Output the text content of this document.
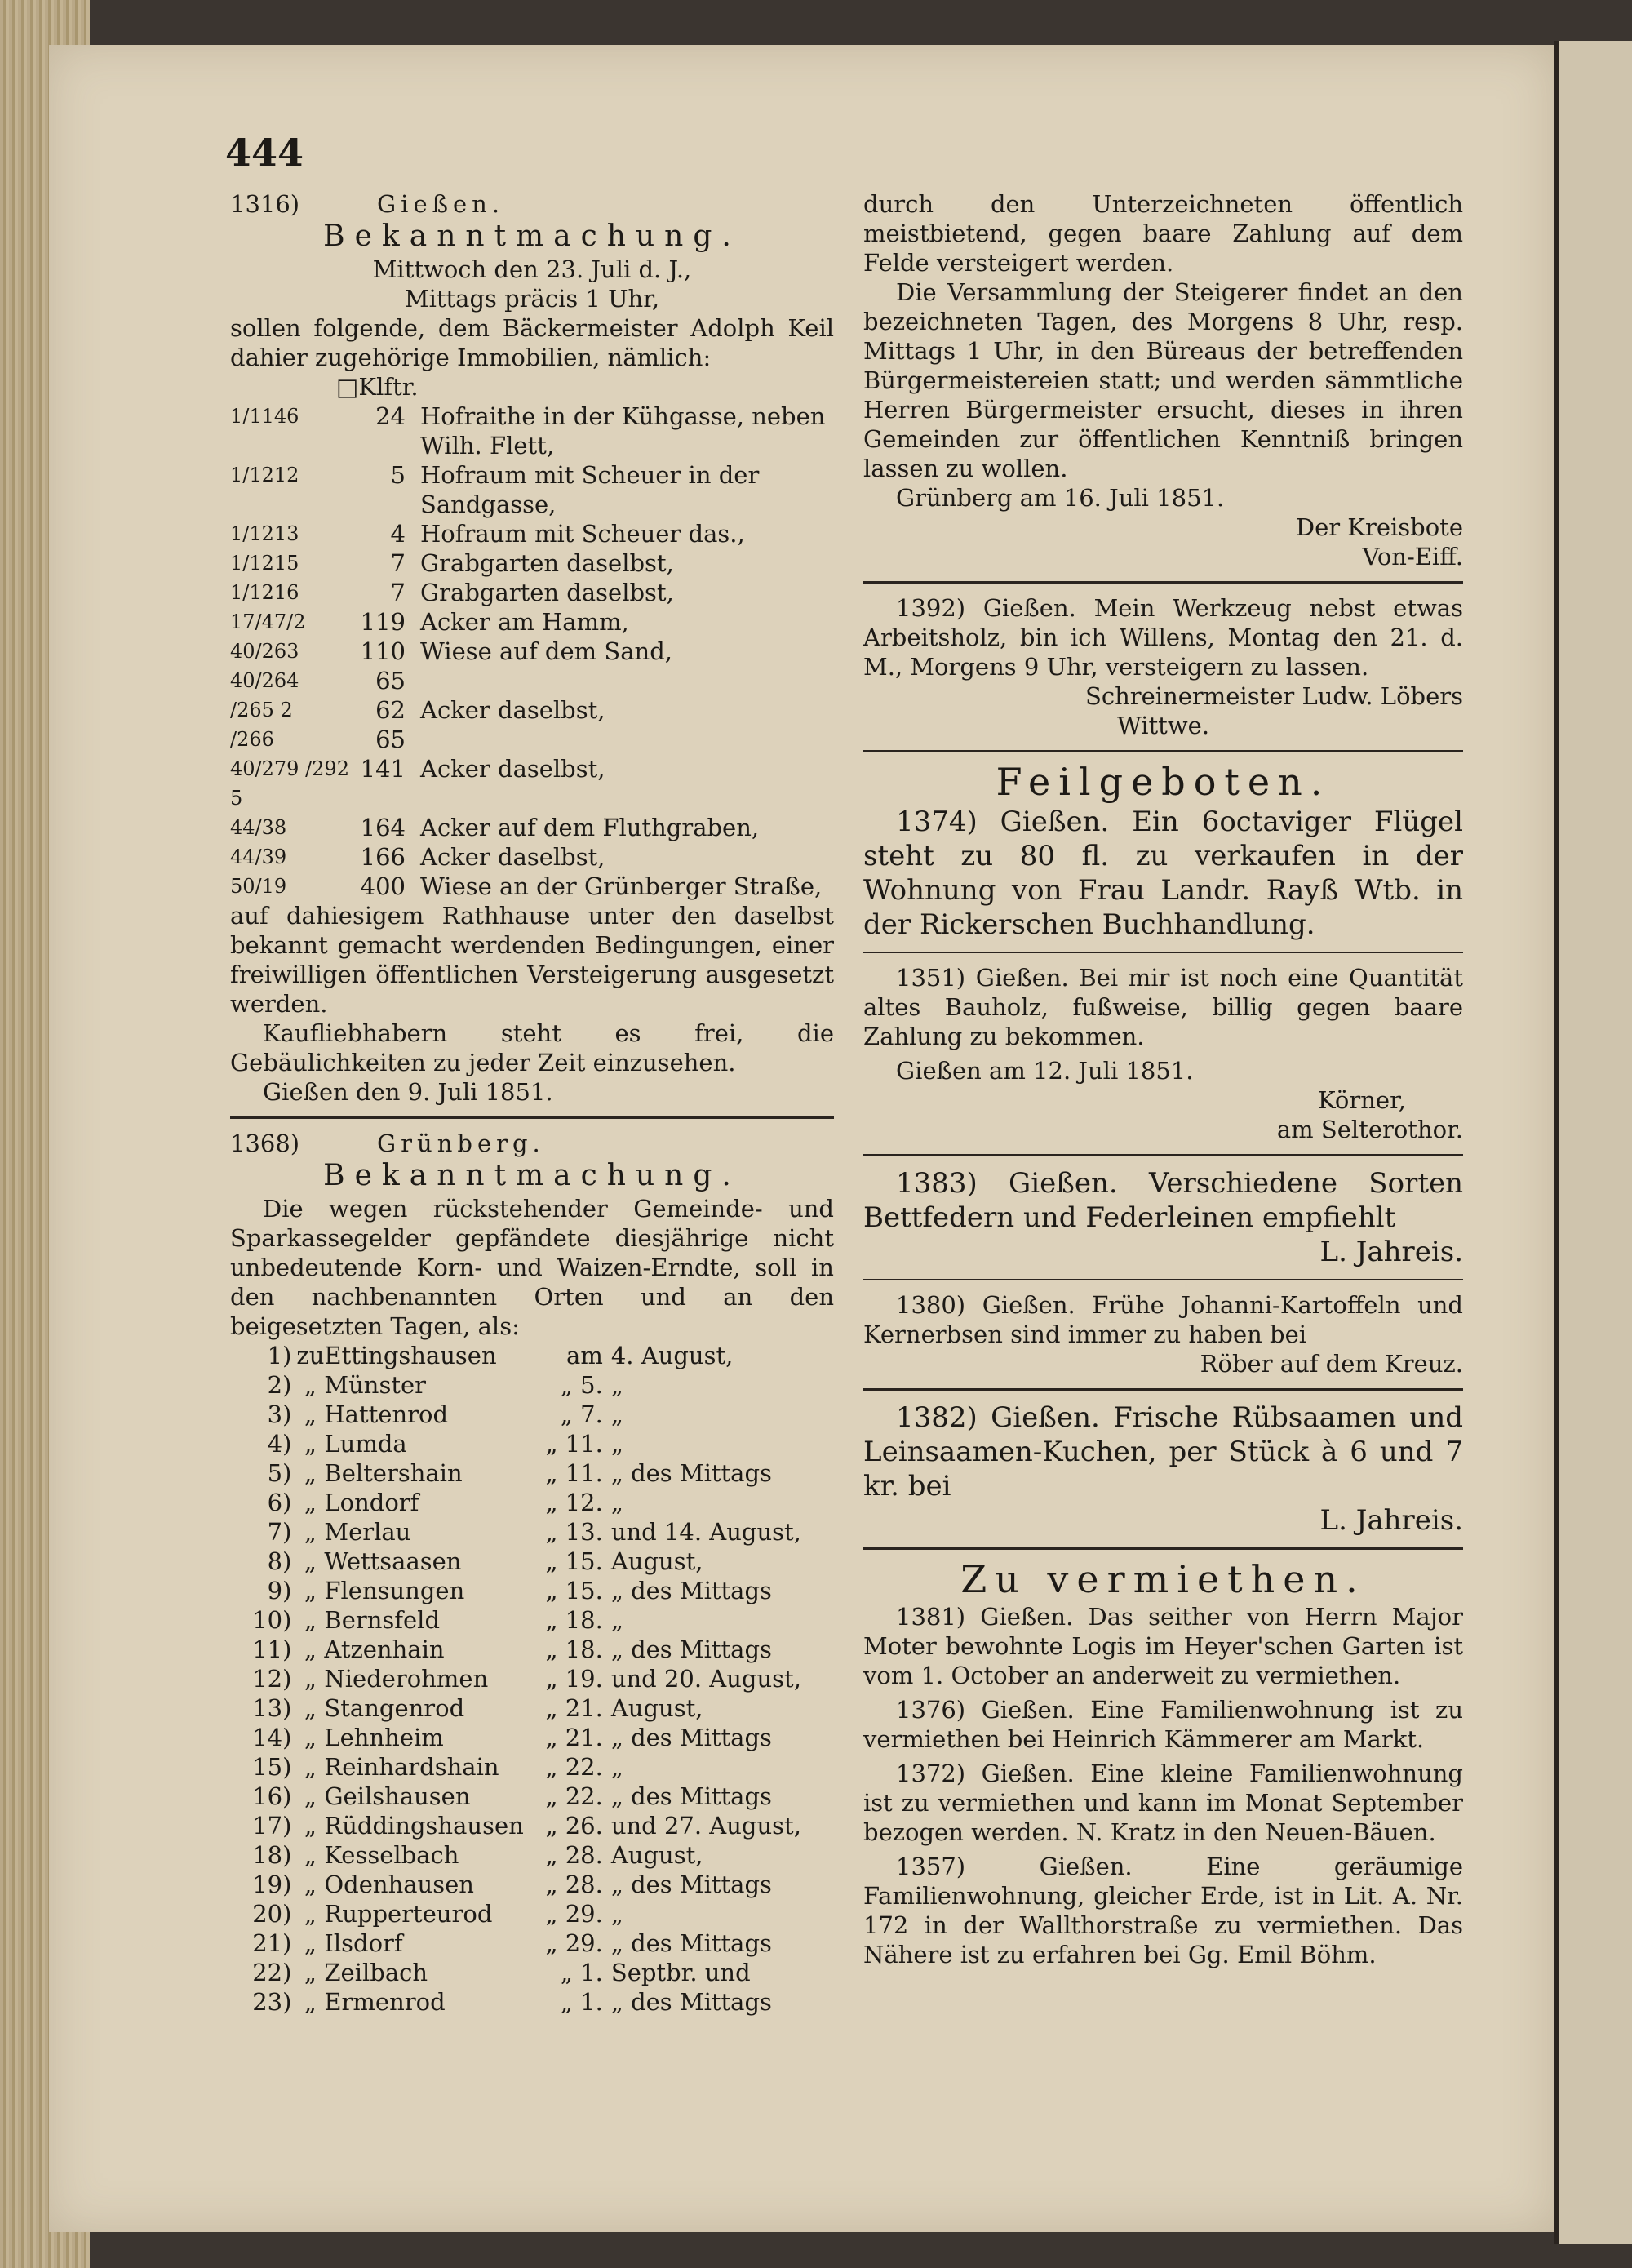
444
1316)	Gießen.
Bekanntmachung.

Mittwoch den 23. Juli d. J.,

Mittags präcis 1 Uhr,

sollen folgende, dem Bäckermeister Adolph Keil dahier zugehörige Immobilien, nämlich:

□Klftr.

1/1146	24	Hofraithe in der Kühgasse, neben Wilh. Flett,
1/1212	5	Hofraum mit Scheuer in der Sandgasse,
1/1213	4	Hofraum mit Scheuer das.,
1/1215	7	Grabgarten daselbst,
1/1216	7	Grabgarten daselbst,
17/47/2	119	Acker am Hamm,
40/263	110	Wiese auf dem Sand,
40/264	65	
/265 2	62	Acker daselbst,
/266	65	
40/279 /292 5	141	Acker daselbst,
44/38	164	Acker auf dem Fluthgraben,
44/39	166	Acker daselbst,
50/19	400	Wiese an der Grünberger Straße,

auf dahiesigem Rathhause unter den daselbst bekannt gemacht werdenden Bedingungen, einer freiwilligen öffentlichen Versteigerung ausgesetzt werden.

Kaufliebhabern steht es frei, die Gebäulichkeiten zu jeder Zeit einzusehen.

Gießen den 9. Juli 1851.

1368)	Grünberg.
Bekanntmachung.

Die wegen rückstehender Gemeinde- und Sparkassegelder gepfändete diesjährige nicht unbedeutende Korn- und Waizen-Erndte, soll in den nachbenannten Orten und an den beigesetzten Tagen, als:

1)	zu	Ettingshausen	am	4. August,
2)	„	Münster	„ 5.	„
3)	„	Hattenrod	„ 7.	„
4)	„	Lumda	„ 11.	„
5)	„	Beltershain	„ 11.	„ des Mittags
6)	„	Londorf	„ 12.	„
7)	„	Merlau	„ 13.	und 14. August,
8)	„	Wettsaasen	„ 15.	August,
9)	„	Flensungen	„ 15.	„ des Mittags
10)	„	Bernsfeld	„ 18.	„
11)	„	Atzenhain	„ 18.	„ des Mittags
12)	„	Niederohmen	„ 19.	und 20. August,
13)	„	Stangenrod	„ 21.	August,
14)	„	Lehnheim	„ 21.	„ des Mittags
15)	„	Reinhardshain	„ 22.	„
16)	„	Geilshausen	„ 22.	„ des Mittags
17)	„	Rüddingshausen	„ 26.	und 27. August,
18)	„	Kesselbach	„ 28.	August,
19)	„	Odenhausen	„ 28.	„ des Mittags
20)	„	Rupperteurod	„ 29.	„
21)	„	Ilsdorf	„ 29.	„ des Mittags
22)	„	Zeilbach	„ 1.	Septbr. und
23)	„	Ermenrod	„ 1.	„ des Mittags

durch den Unterzeichneten öffentlich meistbietend, gegen baare Zahlung auf dem Felde versteigert werden.

Die Versammlung der Steigerer findet an den bezeichneten Tagen, des Morgens 8 Uhr, resp. Mittags 1 Uhr, in den Büreaus der betreffenden Bürgermeistereien statt; und werden sämmtliche Herren Bürgermeister ersucht, dieses in ihren Gemeinden zur öffentlichen Kenntniß bringen lassen zu wollen.

Grünberg am 16. Juli 1851.

Der Kreisbote

Von-Eiff.

1392) Gießen. Mein Werkzeug nebst etwas Arbeitsholz, bin ich Willens, Montag den 21. d. M., Morgens 9 Uhr, versteigern zu lassen.

Schreinermeister Ludw. Löbers

Wittwe.

Feilgeboten.

1374) Gießen. Ein 6octaviger Flügel steht zu 80 fl. zu verkaufen in der Wohnung von Frau Landr. Rayß Wtb. in der Rickerschen Buchhandlung.

1351) Gießen. Bei mir ist noch eine Quantität altes Bauholz, fußweise, billig gegen baare Zahlung zu bekommen.

Gießen am 12. Juli 1851.

Körner,

am Selterothor.

1383) Gießen. Verschiedene Sorten Bettfedern und Federleinen empfiehlt

L. Jahreis.

1380) Gießen. Frühe Johanni-Kartoffeln und Kernerbsen sind immer zu haben bei

Röber auf dem Kreuz.

1382) Gießen. Frische Rübsaamen und Leinsaamen-Kuchen, per Stück à 6 und 7 kr. bei

L. Jahreis.

Zu vermiethen.

1381) Gießen. Das seither von Herrn Major Moter bewohnte Logis im Heyer'schen Garten ist vom 1. October an anderweit zu vermiethen.

1376) Gießen. Eine Familienwohnung ist zu vermiethen bei Heinrich Kämmerer am Markt.

1372) Gießen. Eine kleine Familienwohnung ist zu vermiethen und kann im Monat September bezogen werden. N. Kratz in den Neuen-Bäuen.

1357) Gießen. Eine geräumige Familienwohnung, gleicher Erde, ist in Lit. A. Nr. 172 in der Wallthorstraße zu vermiethen. Das Nähere ist zu erfahren bei Gg. Emil Böhm.
